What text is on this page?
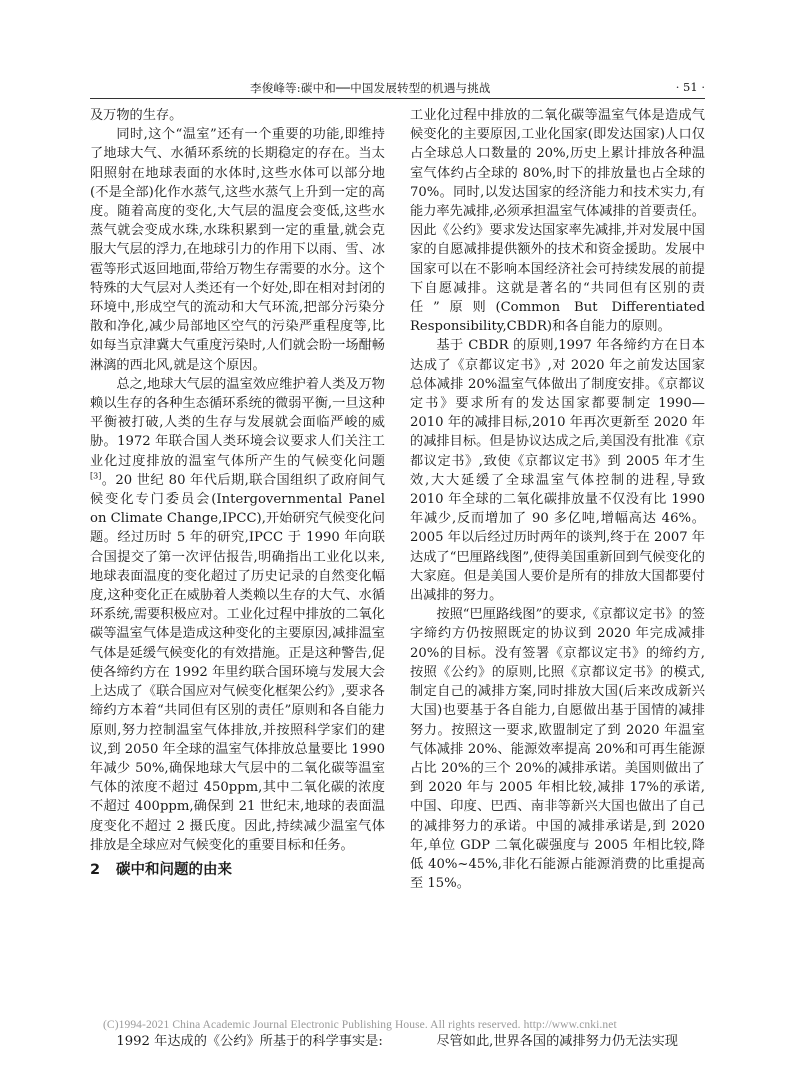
李俊峰等:碳中和──中国发展转型的机遇与挑战	· 51 ·

及万物的生存。

同时,这个“温室”还有一个重要的功能,即维持了地球大气、水循环系统的长期稳定的存在。当太阳照射在地球表面的水体时,这些水体可以部分地(不是全部)化作水蒸气,这些水蒸气上升到一定的高度。随着高度的变化,大气层的温度会变低,这些水蒸气就会变成水珠,水珠积累到一定的重量,就会克服大气层的浮力,在地球引力的作用下以雨、雪、冰雹等形式返回地面,带给万物生存需要的水分。这个特殊的大气层对人类还有一个好处,即在相对封闭的环境中,形成空气的流动和大气环流,把部分污染分散和净化,减少局部地区空气的污染严重程度等,比如每当京津冀大气重度污染时,人们就会盼一场酣畅淋漓的西北风,就是这个原因。

总之,地球大气层的温室效应维护着人类及万物赖以生存的各种生态循环系统的微弱平衡,一旦这种平衡被打破,人类的生存与发展就会面临严峻的威胁。1972 年联合国人类环境会议要求人们关注工业化过度排放的温室气体所产生的气候变化问题[3]。20 世纪 80 年代后期,联合国组织了政府间气候变化专门委员会(Intergovernmental Panel on Climate Change,IPCC),开始研究气候变化问题。经过历时 5 年的研究,IPCC 于 1990 年向联合国提交了第一次评估报告,明确指出工业化以来,地球表面温度的变化超过了历史记录的自然变化幅度,这种变化正在威胁着人类赖以生存的大气、水循环系统,需要积极应对。工业化过程中排放的二氧化碳等温室气体是造成这种变化的主要原因,减排温室气体是延缓气候变化的有效措施。正是这种警告,促使各缔约方在 1992 年里约联合国环境与发展大会上达成了《联合国应对气候变化框架公约》,要求各缔约方本着“共同但有区别的责任”原则和各自能力原则,努力控制温室气体排放,并按照科学家们的建议,到 2050 年全球的温室气体排放总量要比 1990 年减少 50%,确保地球大气层中的二氧化碳等温室气体的浓度不超过 450ppm,其中二氧化碳的浓度不超过 400ppm,确保到 21 世纪末,地球的表面温度变化不超过 2 摄氏度。因此,持续减少温室气体排放是全球应对气候变化的重要目标和任务。

2 碳中和问题的由来

1992 年达成的《公约》所基于的科学事实是:

工业化过程中排放的二氧化碳等温室气体是造成气候变化的主要原因,工业化国家(即发达国家)人口仅占全球总人口数量的 20%,历史上累计排放各种温室气体约占全球的 80%,时下的排放量也占全球的 70%。同时,以发达国家的经济能力和技术实力,有能力率先减排,必须承担温室气体减排的首要责任。因此《公约》要求发达国家率先减排,并对发展中国家的自愿减排提供额外的技术和资金援助。发展中国家可以在不影响本国经济社会可持续发展的前提下自愿减排。这就是著名的“共同但有区别的责任”原则(Common But Differentiated Responsibility,CBDR)和各自能力的原则。

基于 CBDR 的原则,1997 年各缔约方在日本达成了《京都议定书》,对 2020 年之前发达国家总体减排 20%温室气体做出了制度安排。《京都议定书》要求所有的发达国家都要制定 1990—2010 年的减排目标,2010 年再次更新至 2020 年的减排目标。但是协议达成之后,美国没有批准《京都议定书》,致使《京都议定书》到 2005 年才生效,大大延缓了全球温室气体控制的进程,导致 2010 年全球的二氧化碳排放量不仅没有比 1990 年减少,反而增加了 90 多亿吨,增幅高达 46%。2005 年以后经过历时两年的谈判,终于在 2007 年达成了“巴厘路线图”,使得美国重新回到气候变化的大家庭。但是美国人要价是所有的排放大国都要付出减排的努力。

按照“巴厘路线图”的要求,《京都议定书》的签字缔约方仍按照既定的协议到 2020 年完成减排 20%的目标。没有签署《京都议定书》的缔约方,按照《公约》的原则,比照《京都议定书》的模式,制定自己的减排方案,同时排放大国(后来改成新兴大国)也要基于各自能力,自愿做出基于国情的减排努力。按照这一要求,欧盟制定了到 2020 年温室气体减排 20%、能源效率提高 20%和可再生能源占比 20%的三个 20%的减排承诺。美国则做出了到 2020 年与 2005 年相比较,减排 17%的承诺,中国、印度、巴西、南非等新兴大国也做出了自己的减排努力的承诺。中国的减排承诺是,到 2020 年,单位 GDP 二氧化碳强度与 2005 年相比较,降低 40%~45%,非化石能源占能源消费的比重提高至 15%。

尽管如此,世界各国的减排努力仍无法实现

(C)1994-2021 China Academic Journal Electronic Publishing House. All rights reserved. http://www.cnki.net
